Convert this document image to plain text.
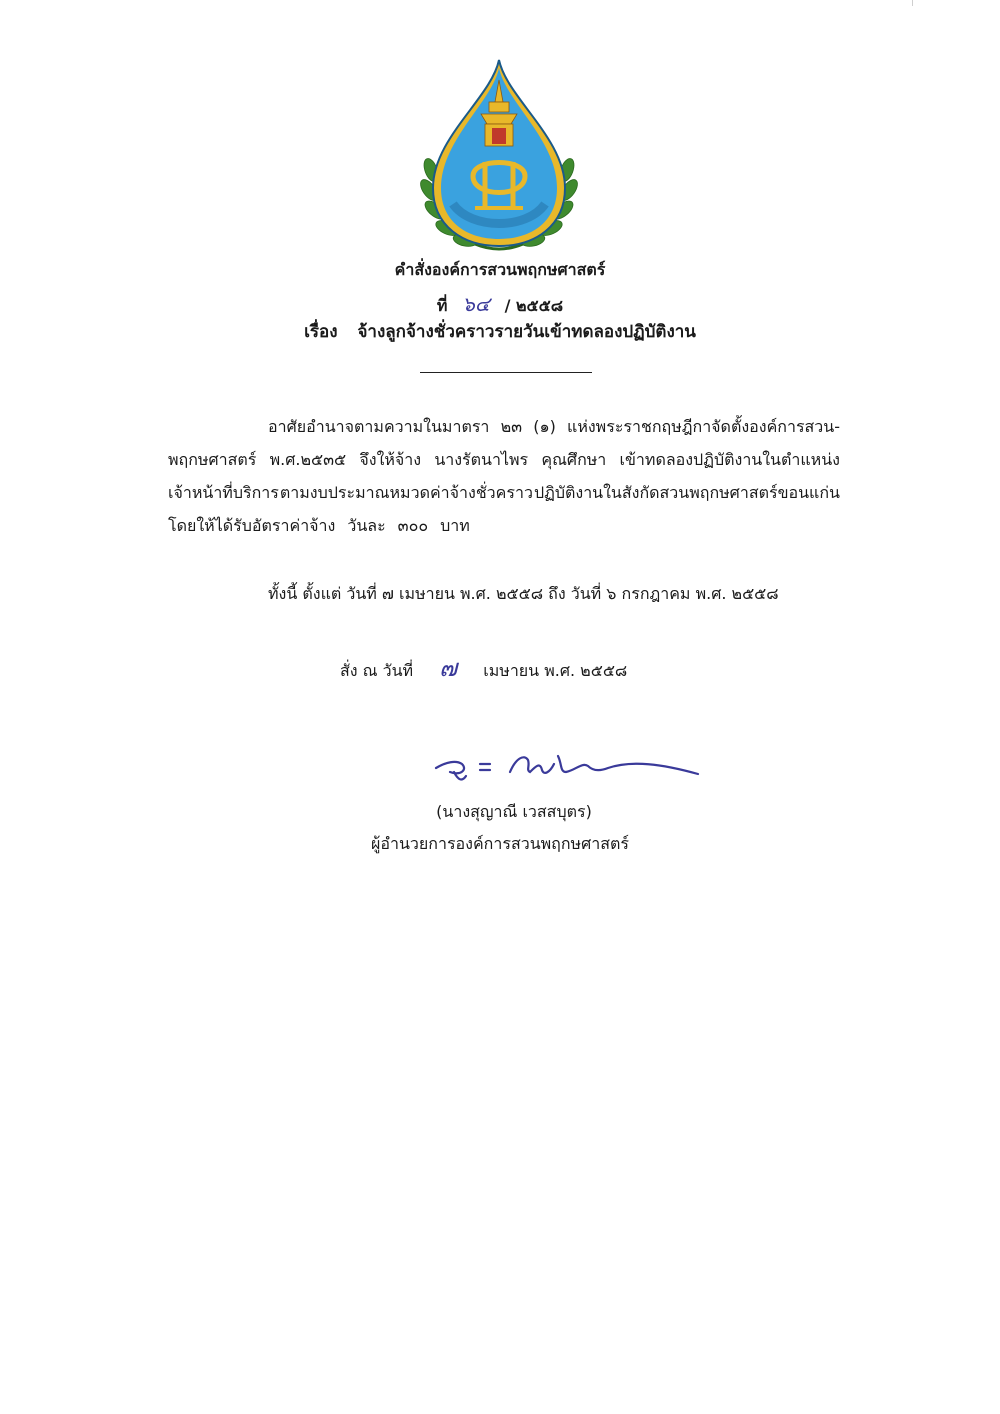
คำสั่งองค์การสวนพฤกษศาสตร์
ที่ ๖๔ / ๒๕๕๘
เรื่อง จ้างลูกจ้างชั่วคราวรายวันเข้าทดลองปฏิบัติงาน
อาศัยอำนาจตามความในมาตรา ๒๓ (๑) แห่งพระราชกฤษฎีกาจัดตั้งองค์การสวน-
พฤกษศาสตร์ พ.ศ.๒๕๓๕ จึงให้จ้าง นางรัตนาไพร คุณศึกษา เข้าทดลองปฏิบัติงานในตำแหน่ง
เจ้าหน้าที่บริการ ตามงบประมาณหมวดค่าจ้างชั่วคราว ปฏิบัติงานในสังกัดสวนพฤกษศาสตร์ขอนแก่น
โดยให้ได้รับอัตราค่าจ้าง วันละ ๓๐๐ บาท
ทั้งนี้ ตั้งแต่ วันที่ ๗ เมษายน พ.ศ. ๒๕๕๘ ถึง วันที่ ๖ กรกฎาคม พ.ศ. ๒๕๕๘
สั่ง ณ วันที่ ๗ เมษายน พ.ศ. ๒๕๕๘
(นางสุญาณี เวสสบุตร)
ผู้อำนวยการองค์การสวนพฤกษศาสตร์
